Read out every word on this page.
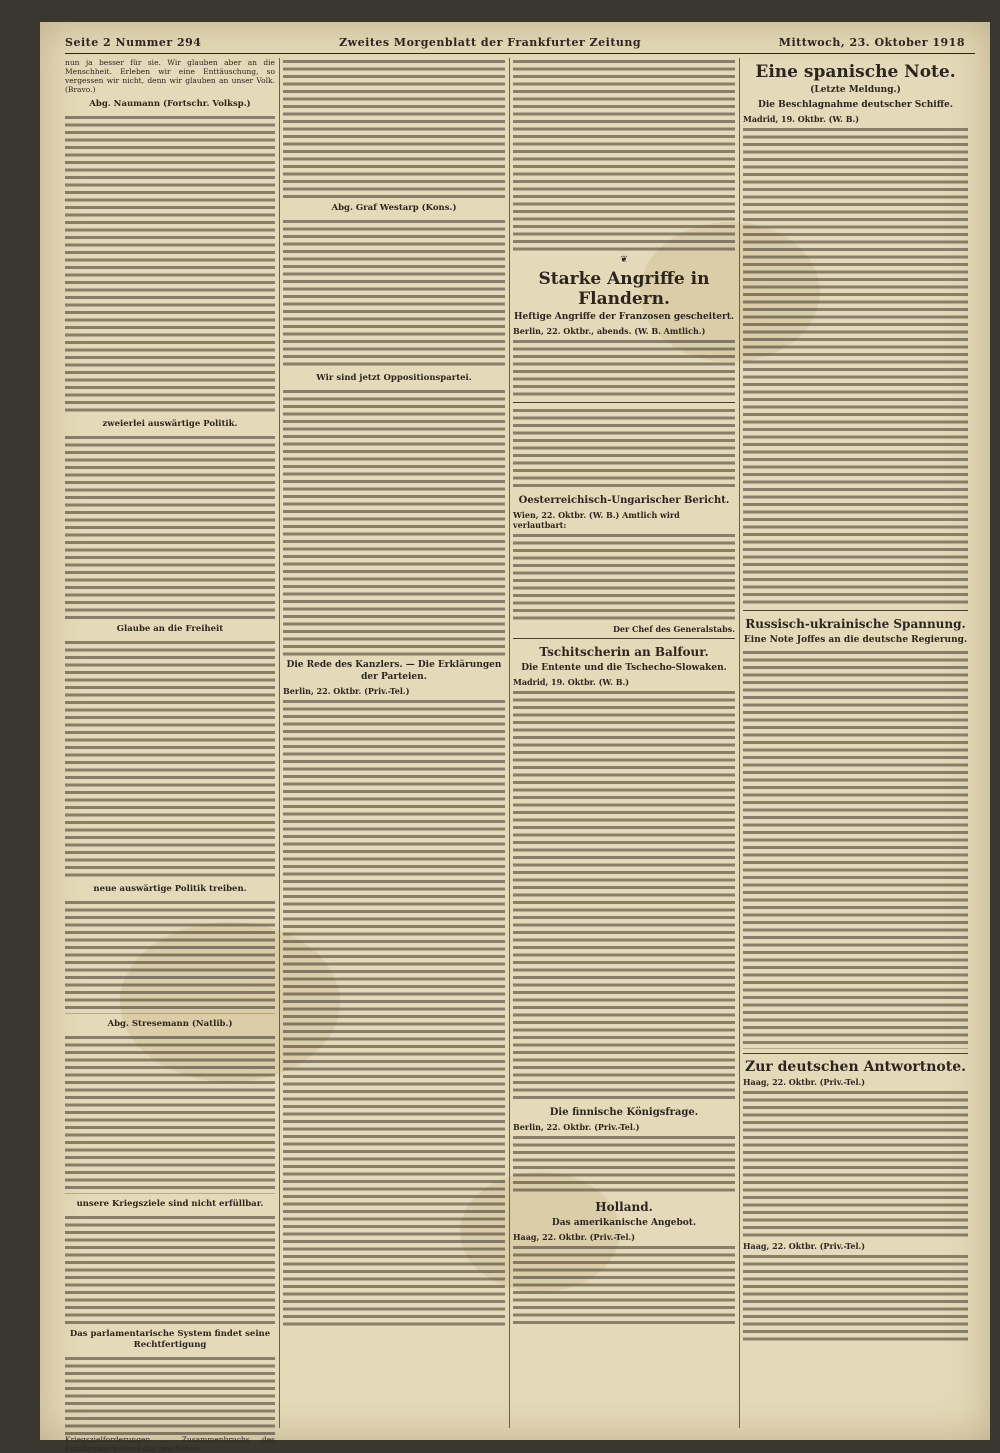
Seite 2 Nummer 294	Zweites Morgenblatt der Frankfurter Zeitung	Mittwoch, 23. Oktober 1918

nun ja besser für sie. Wir glauben aber an die Menschheit. Erleben wir eine Enttäuschung, so vergessen wir nicht, denn wir glauben an unser Volk. (Bravo.)

Abg. Naumann (Fortschr. Volksp.)
zweierlei auswärtige Politik.
Glaube an die Freiheit
neue auswärtige Politik treiben.
Abg. Stresemann (Natlib.)
unsere Kriegsziele sind nicht erfüllbar.
Das parlamentarische System findet seine Rechtfertigung

Kriegszielforderungen ... Zusammenbruchs des Ernährungssystems das geschehen.

Abg. Graf Westarp (Kons.)
Wir sind jetzt Oppositionspartei.
Die Rede des Kanzlers. — Die Erklärungen der Parteien.
Berlin, 22. Oktbr. (Priv.-Tel.)
❦
Starke Angriffe in Flandern.
Heftige Angriffe der Franzosen gescheitert.
Berlin, 22. Oktbr., abends. (W. B. Amtlich.)
Oesterreichisch-Ungarischer Bericht.
Wien, 22. Oktbr. (W. B.) Amtlich wird verlautbart:
Der Chef des Generalstabs.
Tschitscherin an Balfour.
Die Entente und die Tschecho-Slowaken.
Madrid, 19. Oktbr. (W. B.)
Die finnische Königsfrage.
Berlin, 22. Oktbr. (Priv.-Tel.)
Holland.
Das amerikanische Angebot.
Haag, 22. Oktbr. (Priv.-Tel.)
Eine spanische Note.
(Letzte Meldung.)
Die Beschlagnahme deutscher Schiffe.
Madrid, 19. Oktbr. (W. B.)
Russisch-ukrainische Spannung.
Eine Note Joffes an die deutsche Regierung.
Zur deutschen Antwortnote.
Haag, 22. Oktbr. (Priv.-Tel.)
Haag, 22. Oktbr. (Priv.-Tel.)
